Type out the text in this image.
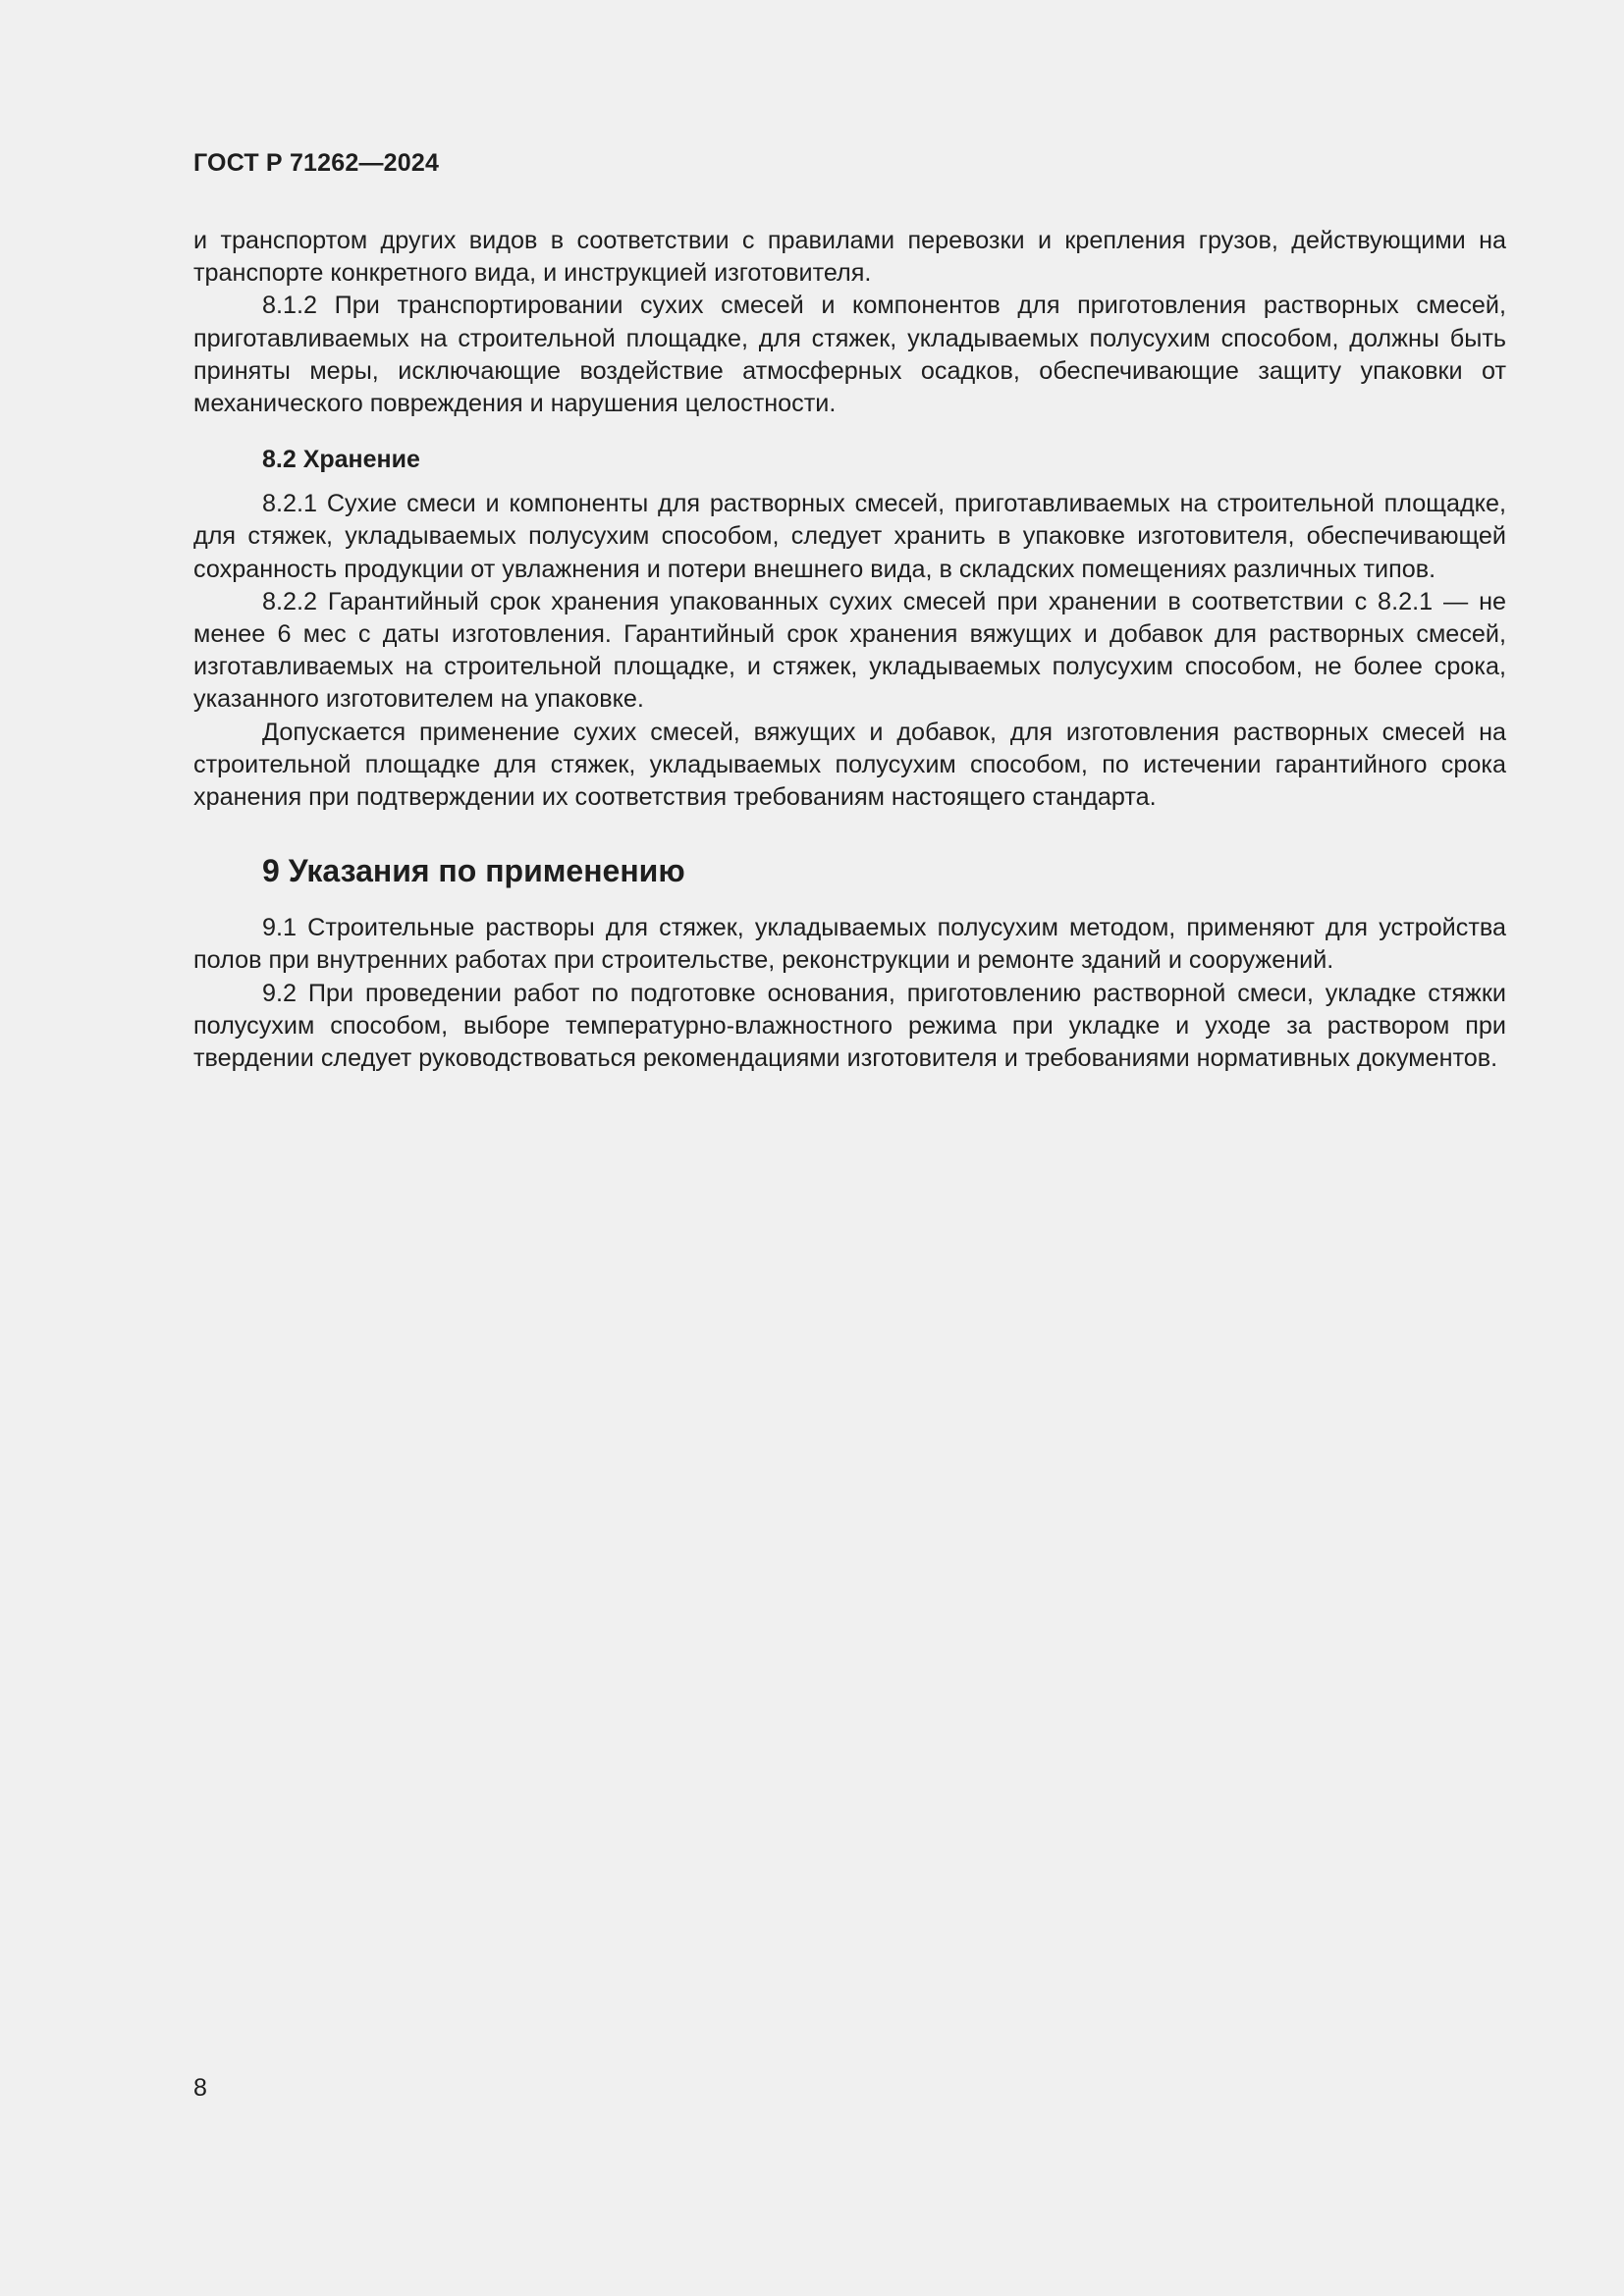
ГОСТ Р 71262—2024

и транспортом других видов в соответствии с правилами перевозки и крепления грузов, действующими на транспорте конкретного вида, и инструкцией изготовителя.

8.1.2 При транспортировании сухих смесей и компонентов для приготовления растворных смесей, приготавливаемых на строительной площадке, для стяжек, укладываемых полусухим способом, должны быть приняты меры, исключающие воздействие атмосферных осадков, обеспечивающие защиту упаковки от механического повреждения и нарушения целостности.

8.2 Хранение

8.2.1 Сухие смеси и компоненты для растворных смесей, приготавливаемых на строительной площадке, для стяжек, укладываемых полусухим способом, следует хранить в упаковке изготовителя, обеспечивающей сохранность продукции от увлажнения и потери внешнего вида, в складских помещениях различных типов.

8.2.2 Гарантийный срок хранения упакованных сухих смесей при хранении в соответствии с 8.2.1 — не менее 6 мес с даты изготовления. Гарантийный срок хранения вяжущих и добавок для растворных смесей, изготавливаемых на строительной площадке, и стяжек, укладываемых полусухим способом, не более срока, указанного изготовителем на упаковке.

Допускается применение сухих смесей, вяжущих и добавок, для изготовления растворных смесей на строительной площадке для стяжек, укладываемых полусухим способом, по истечении гарантийного срока хранения при подтверждении их соответствия требованиям настоящего стандарта.

9 Указания по применению

9.1 Строительные растворы для стяжек, укладываемых полусухим методом, применяют для устройства полов при внутренних работах при строительстве, реконструкции и ремонте зданий и сооружений.

9.2 При проведении работ по подготовке основания, приготовлению растворной смеси, укладке стяжки полусухим способом, выборе температурно-влажностного режима при укладке и уходе за раствором при твердении следует руководствоваться рекомендациями изготовителя и требованиями нормативных документов.

8
